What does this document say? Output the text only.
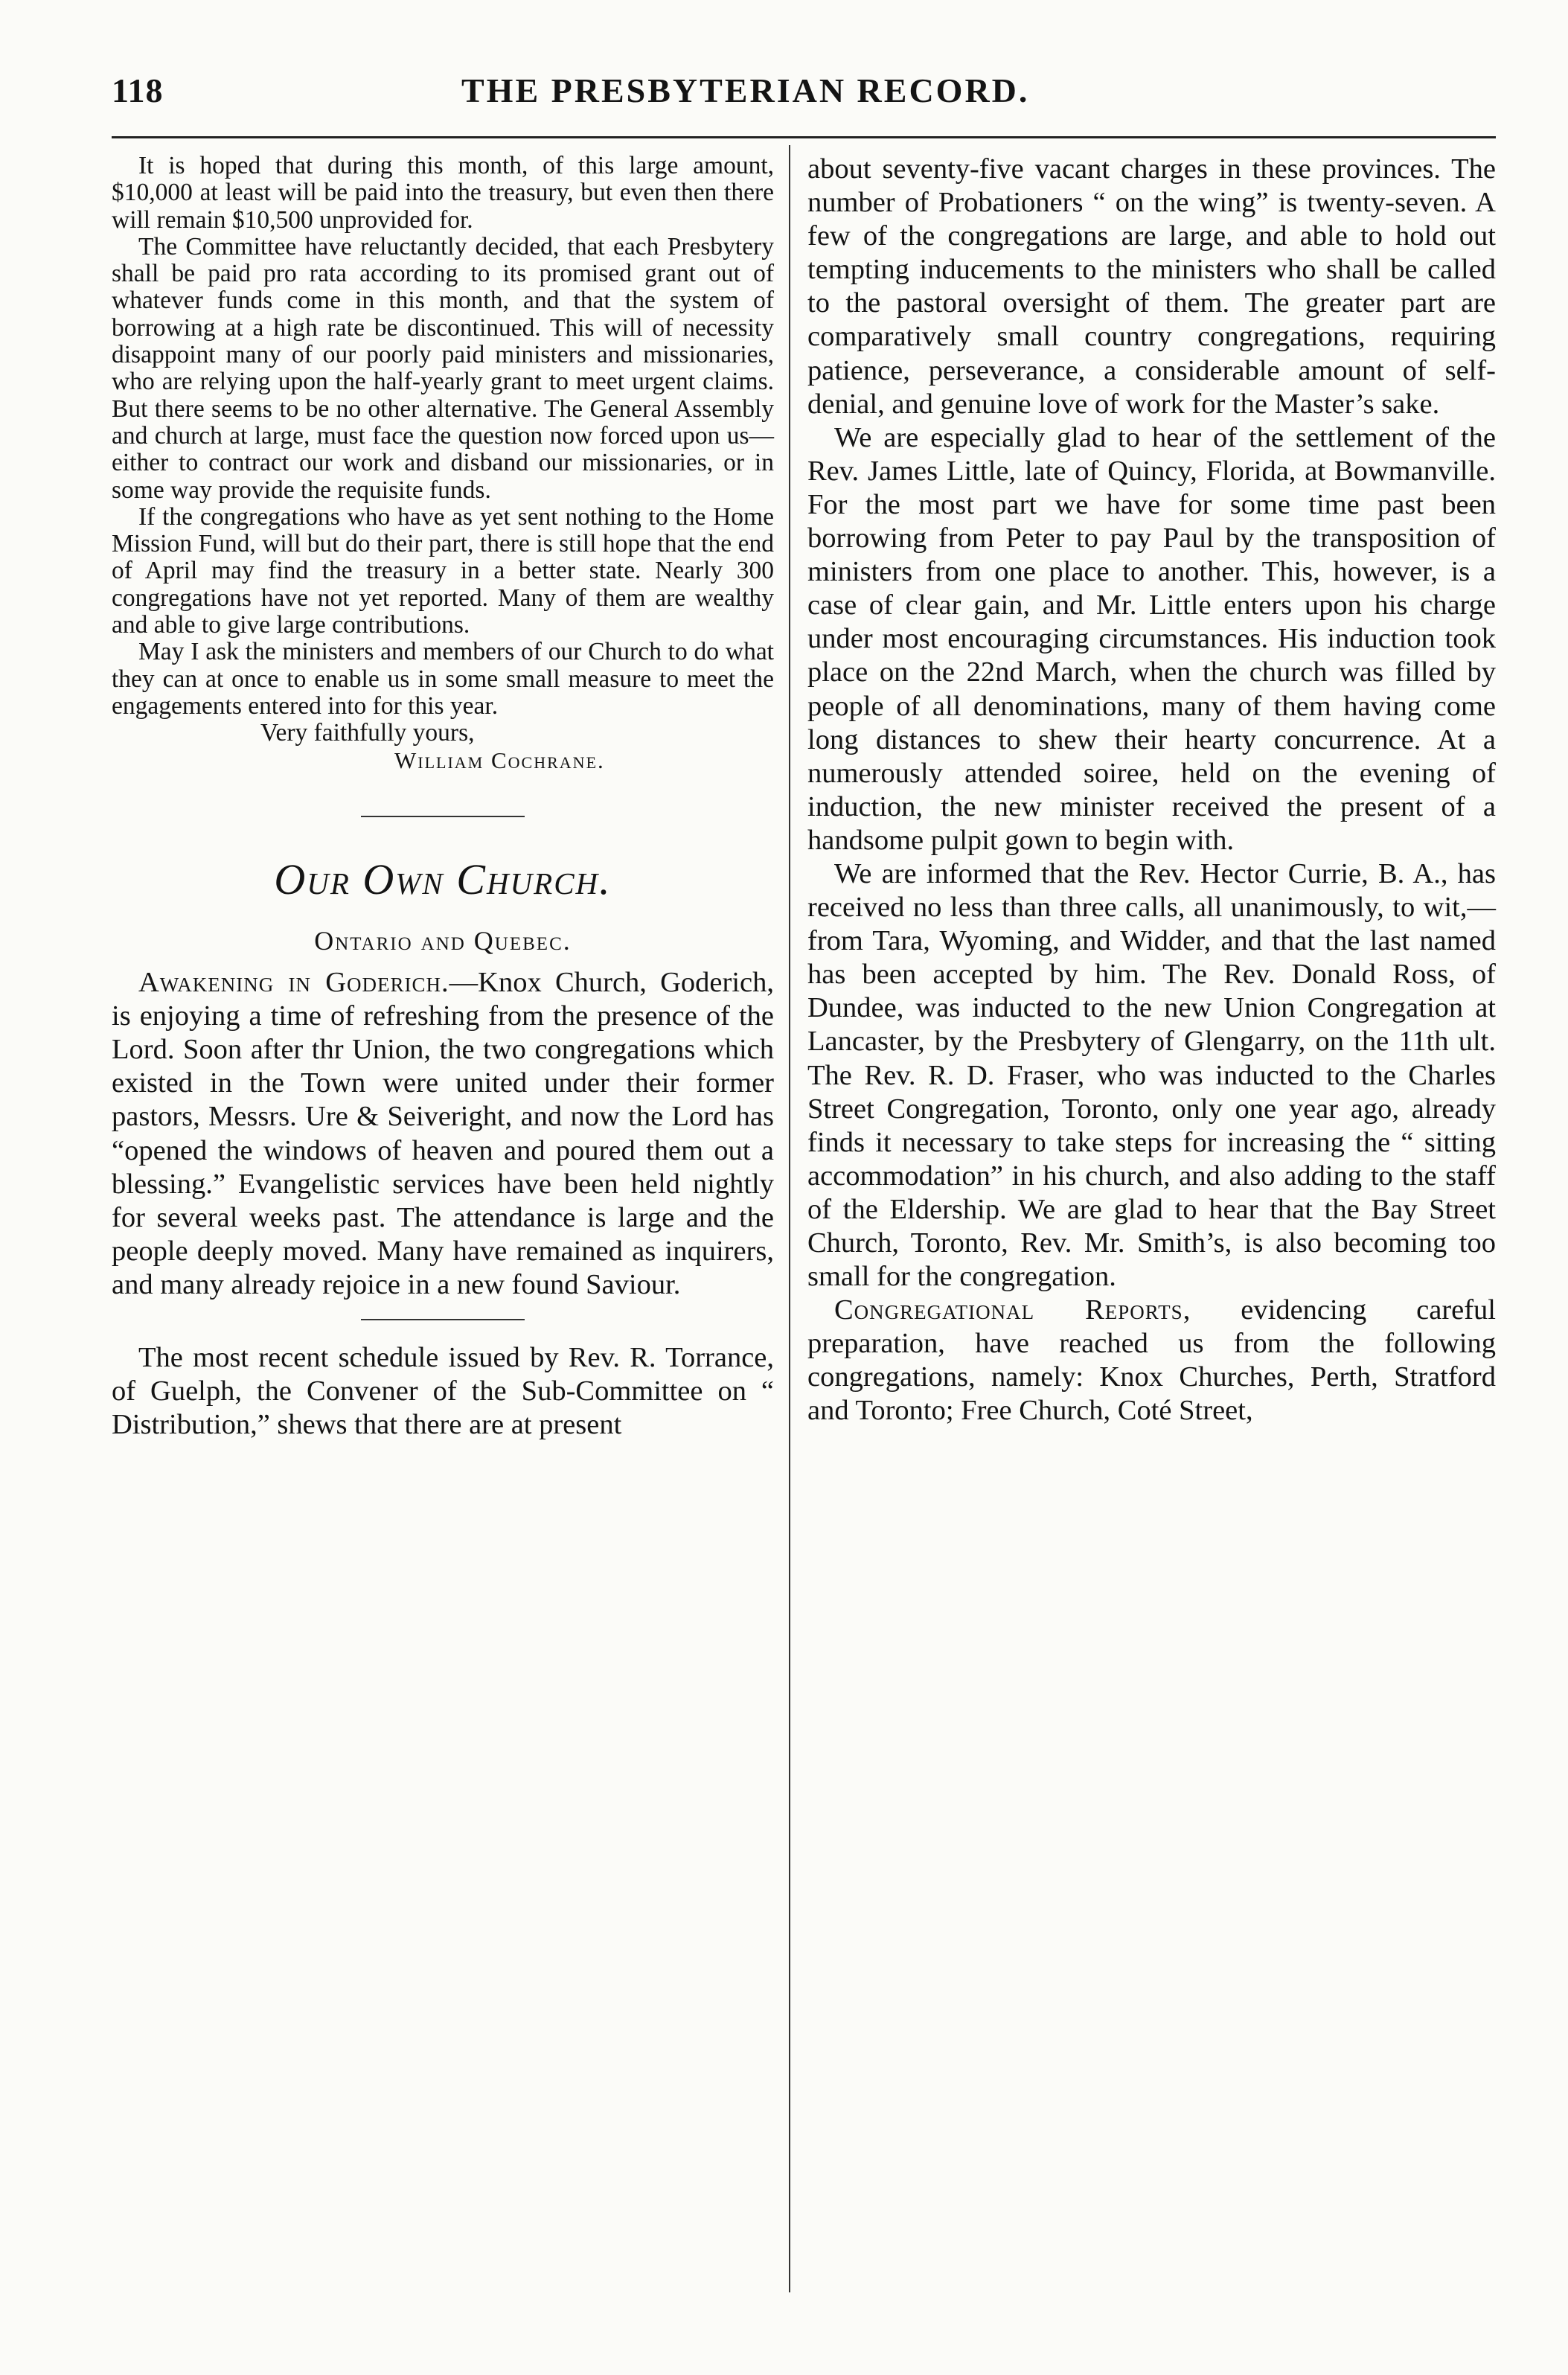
118	THE PRESBYTERIAN RECORD.

It is hoped that during this month, of this large amount, $10,000 at least will be paid into the treasury, but even then there will remain $10,500 unprovided for.

The Committee have reluctantly decided, that each Presbytery shall be paid pro rata according to its promised grant out of whatever funds come in this month, and that the system of borrowing at a high rate be discontinued. This will of necessity disappoint many of our poorly paid ministers and missionaries, who are relying upon the half-yearly grant to meet urgent claims. But there seems to be no other alternative. The General Assembly and church at large, must face the question now forced upon us—either to contract our work and disband our missionaries, or in some way provide the requisite funds.

If the congregations who have as yet sent nothing to the Home Mission Fund, will but do their part, there is still hope that the end of April may find the treasury in a better state. Nearly 300 congregations have not yet reported. Many of them are wealthy and able to give large contributions.

May I ask the ministers and members of our Church to do what they can at once to enable us in some small measure to meet the engagements entered into for this year.

Very faithfully yours,

William Cochrane.

Our Own Church.

Ontario and Quebec.

Awakening in Goderich.—Knox Church, Goderich, is enjoying a time of refreshing from the presence of the Lord. Soon after thr Union, the two congregations which existed in the Town were united under their former pastors, Messrs. Ure & Seiveright, and now the Lord has “opened the windows of heaven and poured them out a blessing.” Evangelistic services have been held nightly for several weeks past. The attendance is large and the people deeply moved. Many have remained as inquirers, and many already rejoice in a new found Saviour.

The most recent schedule issued by Rev. R. Torrance, of Guelph, the Convener of the Sub-Committee on “ Distribution,” shews that there are at present

about seventy-five vacant charges in these provinces. The number of Probationers “ on the wing” is twenty-seven. A few of the congregations are large, and able to hold out tempting inducements to the ministers who shall be called to the pastoral oversight of them. The greater part are comparatively small country congregations, requiring patience, perseverance, a considerable amount of self-denial, and genuine love of work for the Master’s sake.

We are especially glad to hear of the settlement of the Rev. James Little, late of Quincy, Florida, at Bowmanville. For the most part we have for some time past been borrowing from Peter to pay Paul by the transposition of ministers from one place to another. This, however, is a case of clear gain, and Mr. Little enters upon his charge under most encouraging circumstances. His induction took place on the 22nd March, when the church was filled by people of all denominations, many of them having come long distances to shew their hearty concurrence. At a numerously attended soiree, held on the evening of induction, the new minister received the present of a handsome pulpit gown to begin with.

We are informed that the Rev. Hector Currie, B. A., has received no less than three calls, all unanimously, to wit,—from Tara, Wyoming, and Widder, and that the last named has been accepted by him. The Rev. Donald Ross, of Dundee, was inducted to the new Union Congregation at Lancaster, by the Presbytery of Glengarry, on the 11th ult. The Rev. R. D. Fraser, who was inducted to the Charles Street Congregation, Toronto, only one year ago, already finds it necessary to take steps for increasing the “ sitting accommodation” in his church, and also adding to the staff of the Eldership. We are glad to hear that the Bay Street Church, Toronto, Rev. Mr. Smith’s, is also becoming too small for the congregation.

Congregational Reports, evidencing careful preparation, have reached us from the following congregations, namely: Knox Churches, Perth, Stratford and Toronto; Free Church, Coté Street,
